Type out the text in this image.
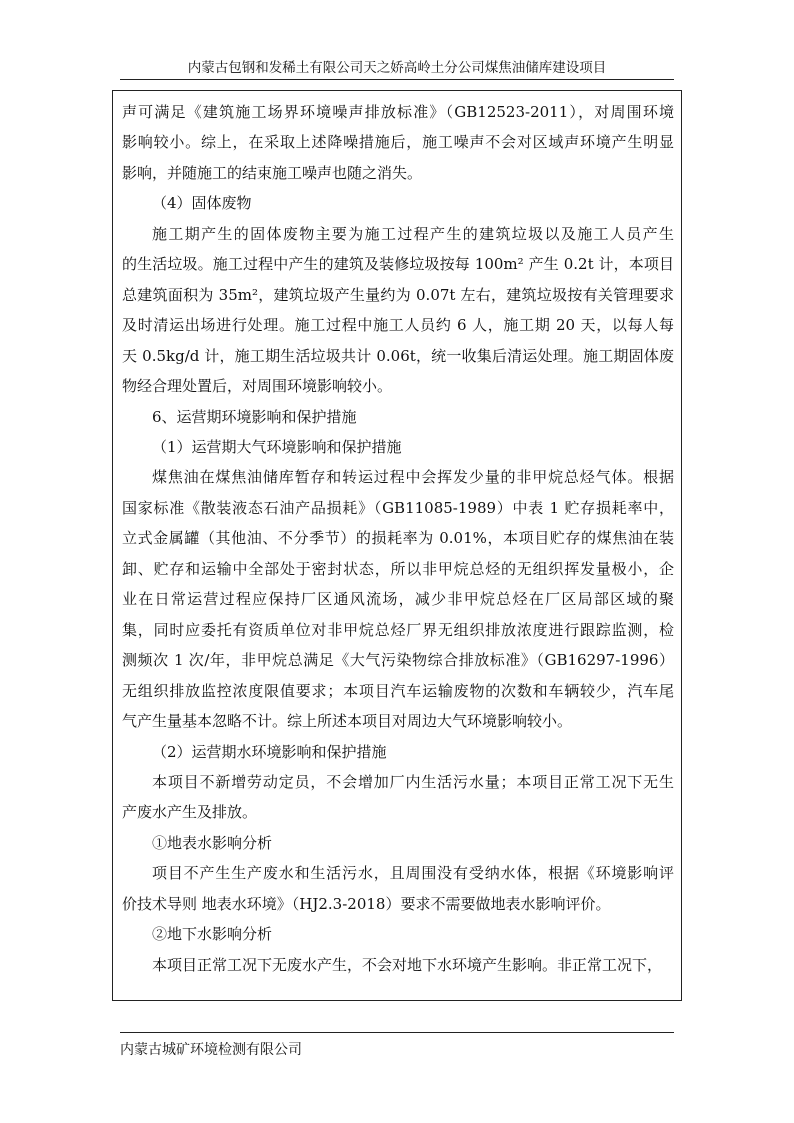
内蒙古包钢和发稀土有限公司天之娇高岭土分公司煤焦油储库建设项目

声可满足《建筑施工场界环境噪声排放标准》（GB12523-2011），对周围环境

影响较小。综上，在采取上述降噪措施后，施工噪声不会对区域声环境产生明显

影响，并随施工的结束施工噪声也随之消失。

（4）固体废物

施工期产生的固体废物主要为施工过程产生的建筑垃圾以及施工人员产生

的生活垃圾。施工过程中产生的建筑及装修垃圾按每 100m² 产生 0.2t 计，本项目

总建筑面积为 35m²，建筑垃圾产生量约为 0.07t 左右，建筑垃圾按有关管理要求

及时清运出场进行处理。施工过程中施工人员约 6 人，施工期 20 天，以每人每

天 0.5kg/d 计，施工期生活垃圾共计 0.06t，统一收集后清运处理。施工期固体废

物经合理处置后，对周围环境影响较小。

6、运营期环境影响和保护措施

（1）运营期大气环境影响和保护措施

煤焦油在煤焦油储库暂存和转运过程中会挥发少量的非甲烷总烃气体。根据

国家标准《散装液态石油产品损耗》（GB11085-1989）中表 1 贮存损耗率中，

立式金属罐（其他油、不分季节）的损耗率为 0.01%，本项目贮存的煤焦油在装

卸、贮存和运输中全部处于密封状态，所以非甲烷总烃的无组织挥发量极小，企

业在日常运营过程应保持厂区通风流场，减少非甲烷总烃在厂区局部区域的聚

集，同时应委托有资质单位对非甲烷总烃厂界无组织排放浓度进行跟踪监测，检

测频次 1 次/年，非甲烷总满足《大气污染物综合排放标准》（GB16297-1996）

无组织排放监控浓度限值要求；本项目汽车运输废物的次数和车辆较少，汽车尾

气产生量基本忽略不计。综上所述本项目对周边大气环境影响较小。

（2）运营期水环境影响和保护措施

本项目不新增劳动定员，不会增加厂内生活污水量；本项目正常工况下无生

产废水产生及排放。

①地表水影响分析

项目不产生生产废水和生活污水，且周围没有受纳水体，根据《环境影响评

价技术导则 地表水环境》（HJ2.3-2018）要求不需要做地表水影响评价。

②地下水影响分析

本项目正常工况下无废水产生，不会对地下水环境产生影响。非正常工况下，

内蒙古城矿环境检测有限公司
